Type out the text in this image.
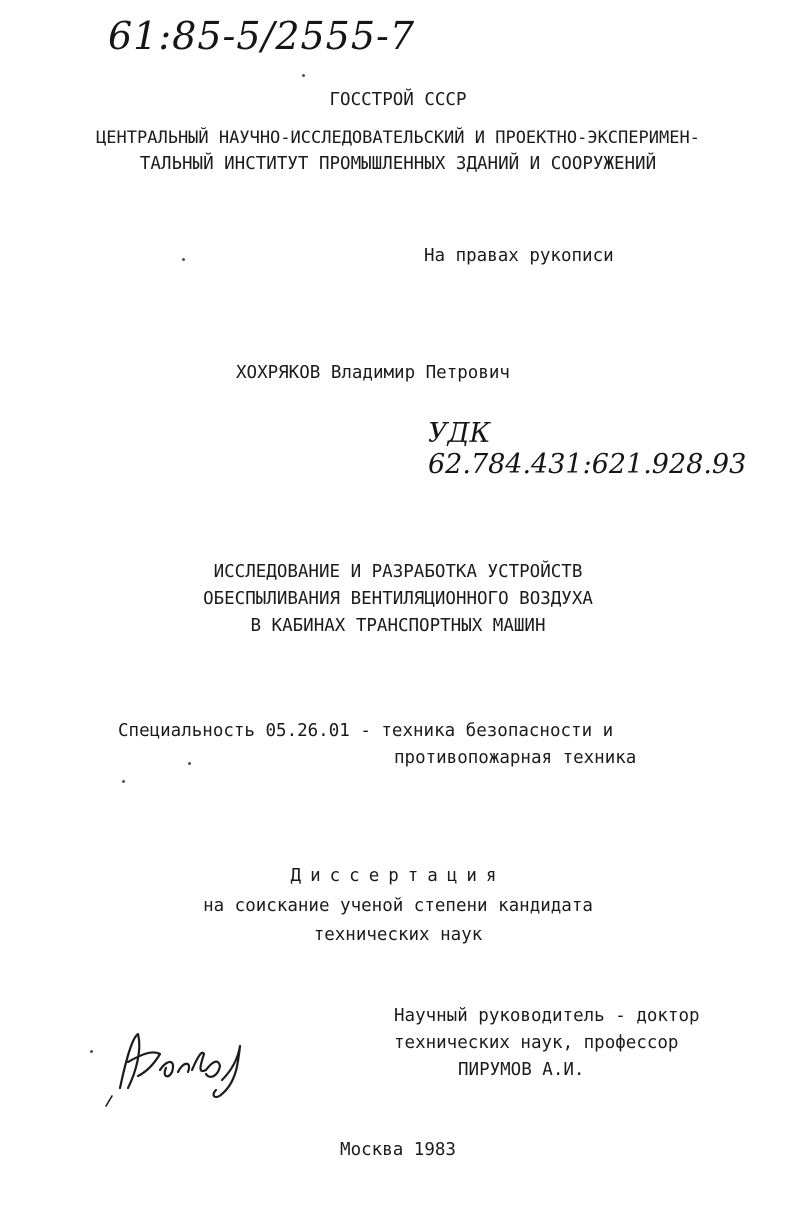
61:85-5/2555-7
ГОССТРОЙ СССР
ЦЕНТРАЛЬНЫЙ НАУЧНО-ИССЛЕДОВАТЕЛЬСКИЙ И ПРОЕКТНО-ЭКСПЕРИМЕН-
ТАЛЬНЫЙ ИНСТИТУТ ПРОМЫШЛЕННЫХ ЗДАНИЙ И СООРУЖЕНИЙ
На правах рукописи
ХОХРЯКОВ Владимир Петрович
УДК 62.784.431:621.928.93
ИССЛЕДОВАНИЕ И РАЗРАБОТКА УСТРОЙСТВ
ОБЕСПЫЛИВАНИЯ ВЕНТИЛЯЦИОННОГО ВОЗДУХА
В КАБИНАХ ТРАНСПОРТНЫХ МАШИН
Специальность 05.26.01 - техника безопасности и
противопожарная техника
Диссертация
на соискание ученой степени кандидата
технических наук
Научный руководитель - доктор
технических наук, профессор
ПИРУМОВ А.И.
Москва 1983
